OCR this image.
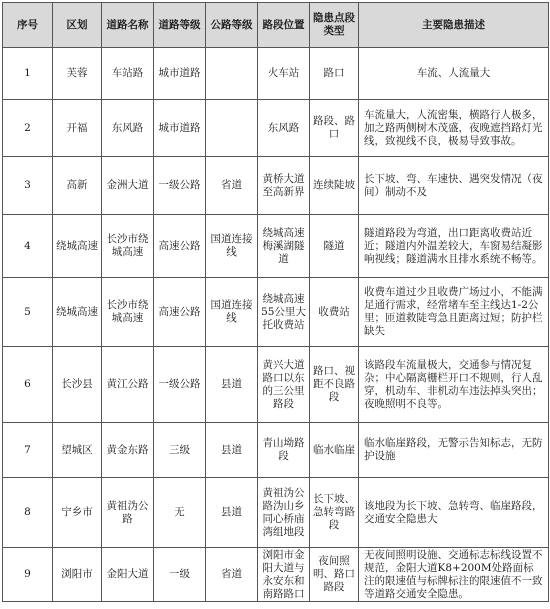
序号	区划	道路名称	道路等级	公路等级	路段位置	隐患点段类型	主要隐患描述
1	芙蓉	车站路	城市道路		火车站	路口	车流、人流量大
2	开福	东风路	城市道路		东风路	路段、路口	车流量大，人流密集，横路行人极多，加之路两侧树木茂盛，夜晚遮挡路灯光线，致视线不良，极易导致事故。
3	高新	金洲大道	一级公路	省道	黄桥大道至高新界	连续陡坡	长下坡、弯、车速快、遇突发情况（夜间）制动不及
4	绕城高速	长沙市绕城高速	高速公路	国道连接线	绕城高速梅溪湖隧道	隧道	隧道路段为弯道，出口距离收费站近近；隧道内外温差较大，车窗易结凝影响视线；隧道满水且排水系统不畅等。
5	绕城高速	长沙市绕城高速	高速公路	国道连接线	绕城高速55公里大托收费站	收费站	收费车道过少且收费广场过小，不能满足通行需求，经常堵车至主线达1-2公里；匝道救陡弯急且距离过短；防护栏缺失
6	长沙县	黄江公路	一级公路	县道	黄兴大道路口以东的三公里路段	路口、视距不良路段	该路段车流量极大，交通参与情况复杂；中心隔离栅栏开口不规则，行人乱穿，机动车、非机动车违法掉头突出；夜晚照明不良等。
7	望城区	黄金东路	三级	县道	青山坳路段	临水临崖	临水临崖路段，无警示告知标志，无防护设施
8	宁乡市	黄祖沩公路	无	县道	黄祖沩公路沩山乡同心桥庙湾组地段	长下坡、急转弯路段	该地段为长下坡、急转弯、临崖路段，交通安全隐患大
9	浏阳市	金阳大道	一级	省道	浏阳市金阳大道与永安东和南路路口	夜间照明、路口路段	无夜间照明设施、交通标志标线设置不规范，金阳大道K8+200M处路面标注的限速值与标牌标注的限速值不一致等道路交通安全隐患。
